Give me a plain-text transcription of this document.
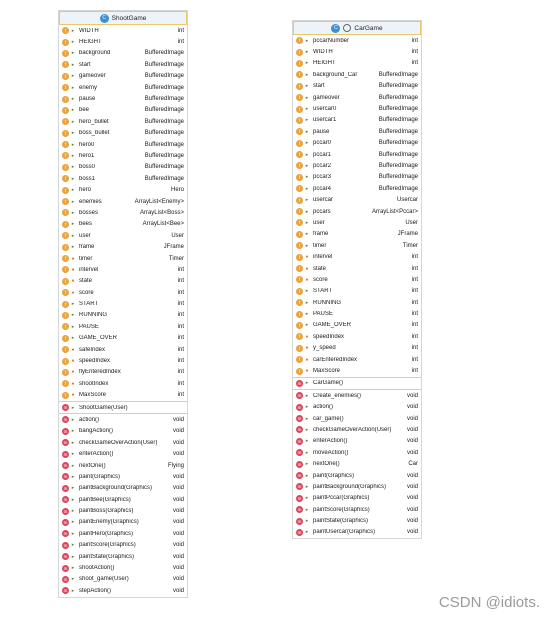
C ShootGame
f	▸ WIDTH	int
f	▸ HEIGHT	int
f	▸ background	BufferedImage
f	▸ start	BufferedImage
f	▸ gameover	BufferedImage
f	▸ enemy	BufferedImage
f	▸ pause	BufferedImage
f	▸ bee	BufferedImage
f	▸ hero_bullet	BufferedImage
f	▸ boss_bullet	BufferedImage
f	▸ hero0	BufferedImage
f	▸ hero1	BufferedImage
f	▸ boss0	BufferedImage
f	▸ boss1	BufferedImage
f	▸ hero	Hero
f	▸ enemies	ArrayList<Enemy>
f	▸ bosses	ArrayList<Boss>
f	▸ bees	ArrayList<Bee>
f	▸ user	User
f	▸ frame	JFrame
f	● timer	Timer
f	● intervel	int
f	● state	int
f	● score	int
f	▸ START	int
f	▸ RUNNING	int
f	▸ PAUSE	int
f	▸ GAME_OVER	int
f	● safeIndex	int
f	● speedIndex	int
f	● flyEnteredIndex	int
f	● shootIndex	int
f	● MaxScore	int
m ▸ ShootGame(User)
m ▸ action()	void
m ▸ bangAction()	void
m ▸ checkGameOverAction(User)	void
m ▸ enterAction()	void
m ▸ nextOne()	Flying
m ▸ paint(Graphics)	void
m ▸ paintBackground(Graphics)	void
m ▸ paintBee(Graphics)	void
m ▸ paintBoss(Graphics)	void
m ▸ paintEnemy(Graphics)	void
m ▸ paintHero(Graphics)	void
m ▸ paintScore(Graphics)	void
m ▸ paintState(Graphics)	void
m ▸ shootAction()	void
m ▸ shoot_game(User)	void
m ▸ stepAction()	void
C	CarGame
f	▸ pccarNumber	int
f	▸ WIDTH	int
f	▸ HEIGHT	int
f	▸ background_Car	BufferedImage
f	▸ start	BufferedImage
f	▸ gameover	BufferedImage
f	▸ usercar0	BufferedImage
f	▸ usercar1	BufferedImage
f	▸ pause	BufferedImage
f	▸ pccar0	BufferedImage
f	▸ pccar1	BufferedImage
f	▸ pccar2	BufferedImage
f	▸ pccar3	BufferedImage
f	▸ pccar4	BufferedImage
f	▸ usercar	Usercar
f	▸ pccars	ArrayList<Pccar>
f	▸ user	User
f	▸ frame	JFrame
f	▸ timer	Timer
f	● intervel	int
f	● state	int
f	● score	int
f	▸ START	int
f	▸ RUNNING	int
f	▸ PAUSE	int
f	▸ GAME_OVER	int
f	● speedIndex	int
f	● y_speed	int
f	● carEnteredIndex	int
f	● MaxScore	int
m ▸ CarGame()
m ▸ Create_enemies()	void
m ▸ action()	void
m ▸ car_game()	void
m ▸ checkGameOverAction(User)	void
m ▸ enterAction()	void
m ▸ moveAction()	void
m ▸ nextOne()	Car
m ▸ paint(Graphics)	void
m ▸ paintBackground(Graphics)	void
m ▸ paintPccar(Graphics)	void
m ▸ paintScore(Graphics)	void
m ▸ paintState(Graphics)	void
m ▸ paintUsercar(Graphics)	void
CSDN @idiots.
